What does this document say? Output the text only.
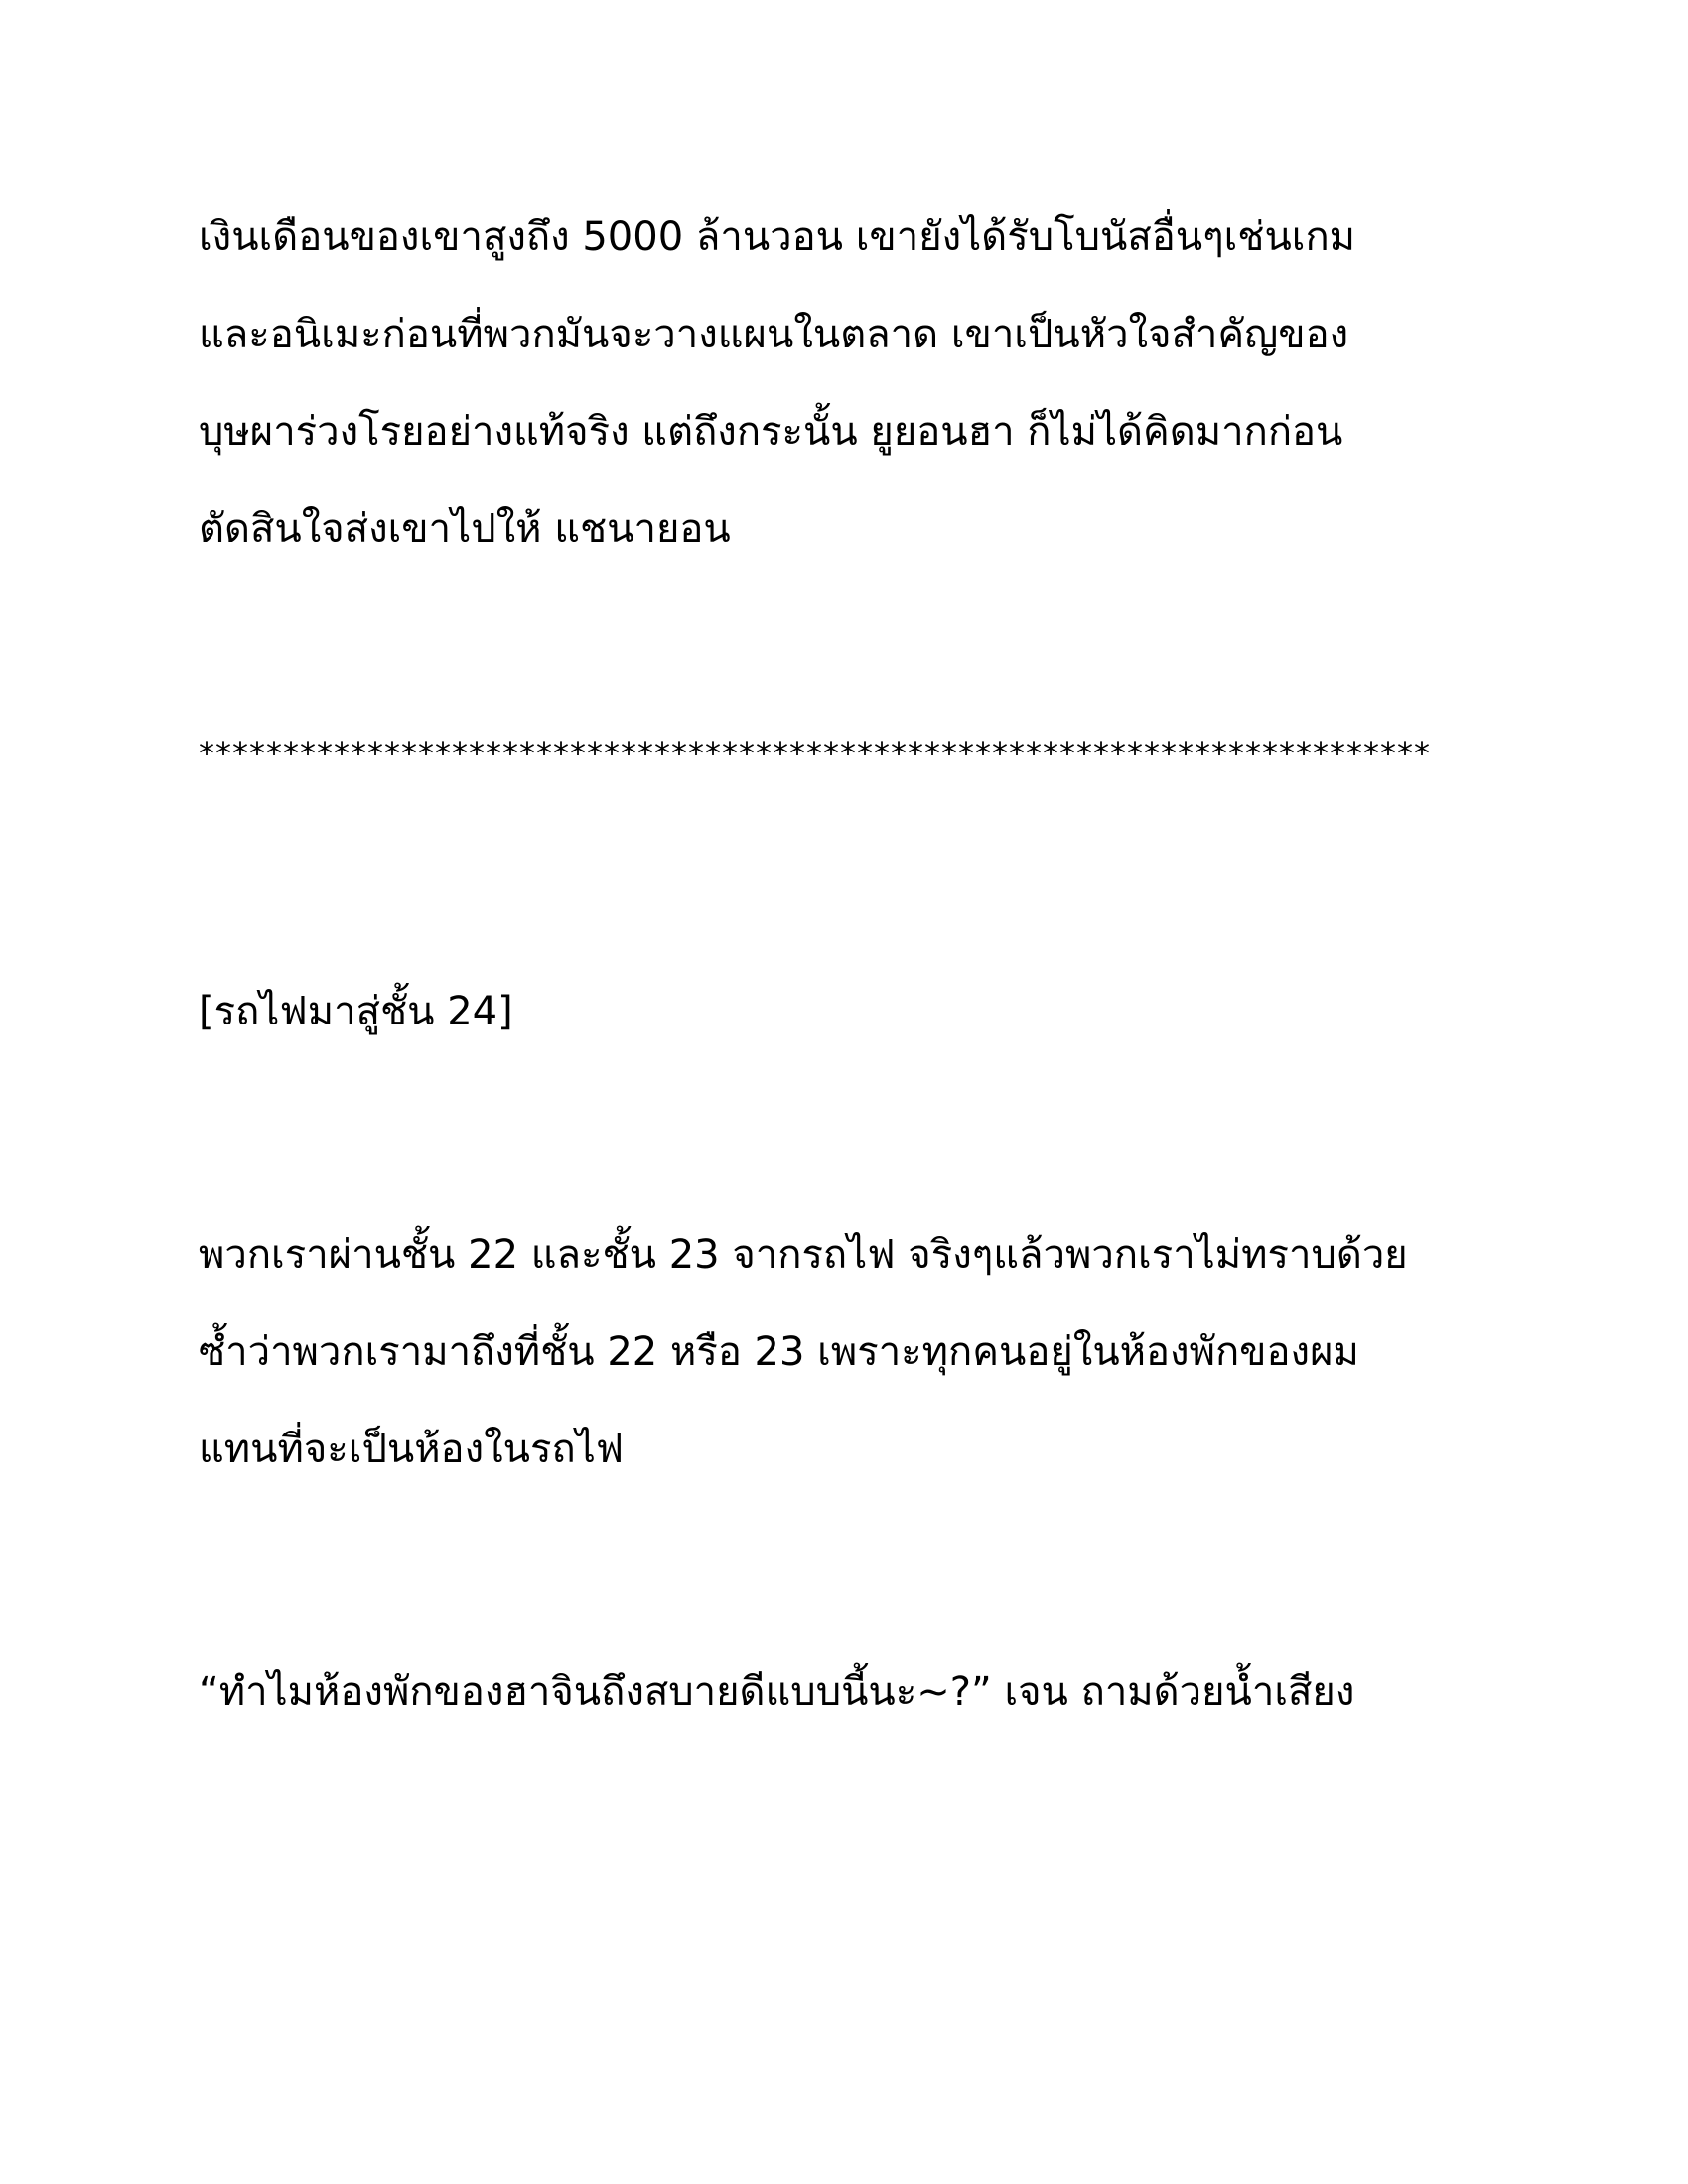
เงินเดือนของเขาสูงถึง 5000 ล้านวอน เขายังได้รับโบนัสอื่นๆเช่นเกม
และอนิเมะก่อนที่พวกมันจะวางแผนในตลาด เขาเป็นหัวใจสำคัญของ
บุษผาร่วงโรยอย่างแท้จริง แต่ถึงกระนั้น ยูยอนฮา ก็ไม่ได้คิดมากก่อน
ตัดสินใจส่งเขาไปให้ แชนายอน

*************************************************************************

[รถไฟมาสู่ชั้น 24]

พวกเราผ่านชั้น 22 และชั้น 23 จากรถไฟ จริงๆแล้วพวกเราไม่ทราบด้วย
ซ้ำว่าพวกเรามาถึงที่ชั้น 22 หรือ 23 เพราะทุกคนอยู่ในห้องพักของผม
แทนที่จะเป็นห้องในรถไฟ

“ทำไมห้องพักของฮาจินถึงสบายดีแบบนี้นะ~?” เจน ถามด้วยน้ำเสียง
